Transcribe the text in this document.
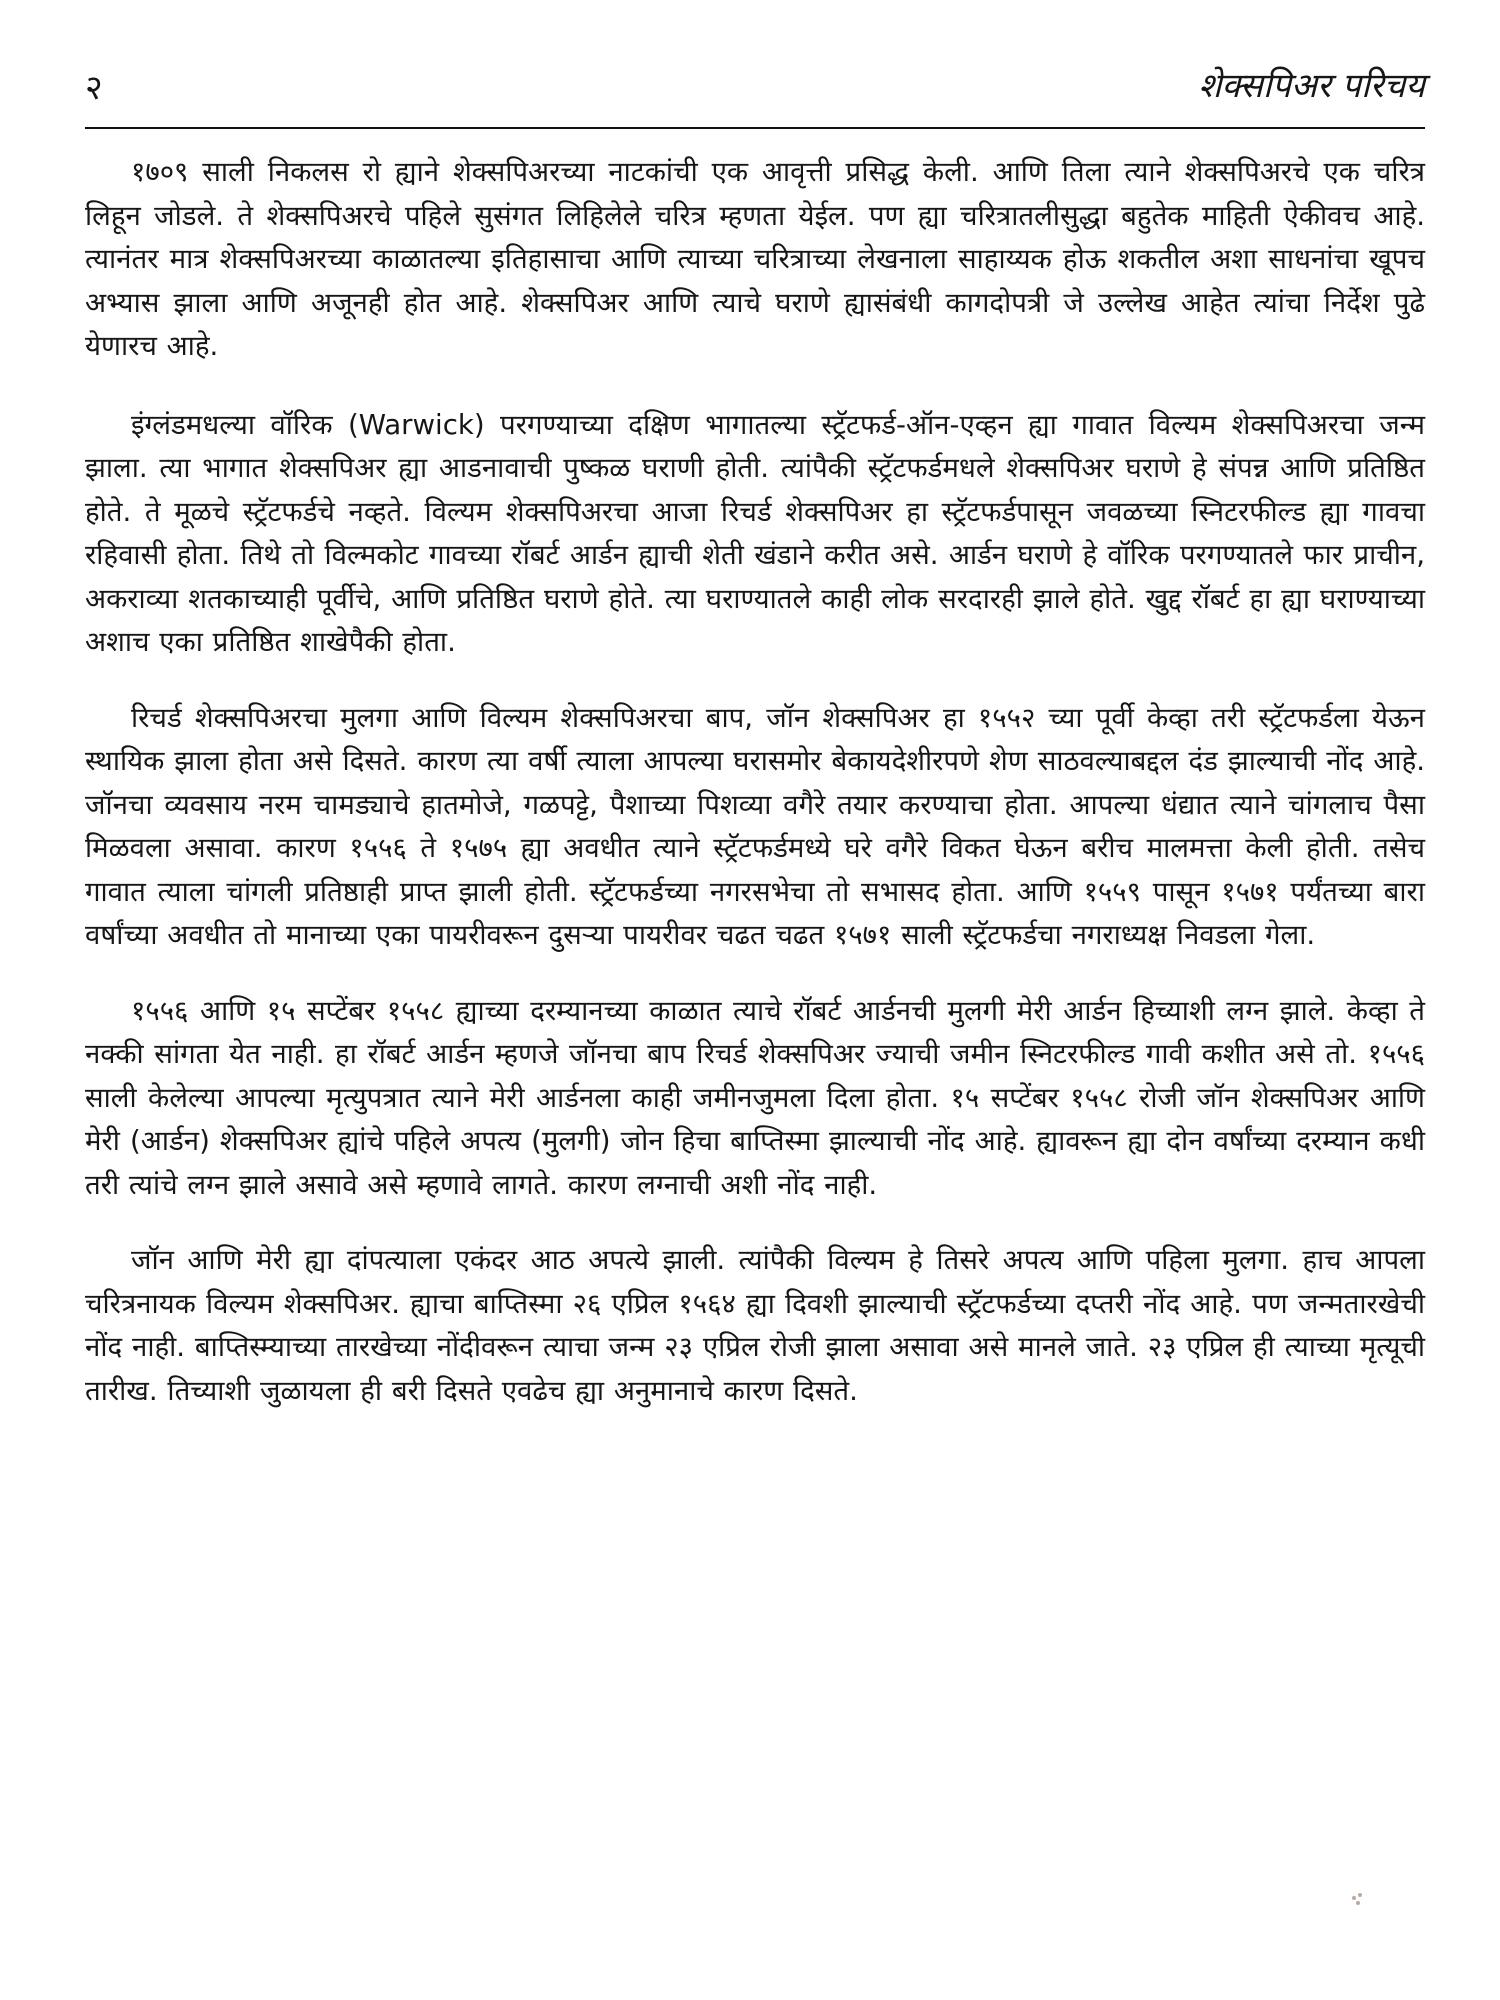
२	शेक्सपिअर परिचय

१७०९ साली निकलस रो ह्याने शेक्सपिअरच्या नाटकांची एक आवृत्ती प्रसिद्ध केली. आणि तिला त्याने शेक्सपिअरचे एक चरित्र लिहून जोडले. ते शेक्सपिअरचे पहिले सुसंगत लिहिलेले चरित्र म्हणता येईल. पण ह्या चरित्रातलीसुद्धा बहुतेक माहिती ऐकीवच आहे. त्यानंतर मात्र शेक्सपिअरच्या काळातल्या इतिहासाचा आणि त्याच्या चरित्राच्या लेखनाला साहाय्यक होऊ शकतील अशा साधनांचा खूपच अभ्यास झाला आणि अजूनही होत आहे. शेक्सपिअर आणि त्याचे घराणे ह्यासंबंधी कागदोपत्री जे उल्लेख आहेत त्यांचा निर्देश पुढे येणारच आहे.

इंग्लंडमधल्या वॉरिक (Warwick) परगण्याच्या दक्षिण भागातल्या स्ट्रॅटफर्ड-ऑन-एव्हन ह्या गावात विल्यम शेक्सपिअरचा जन्म झाला. त्या भागात शेक्सपिअर ह्या आडनावाची पुष्कळ घराणी होती. त्यांपैकी स्ट्रॅटफर्डमधले शेक्सपिअर घराणे हे संपन्न आणि प्रतिष्ठित होते. ते मूळचे स्ट्रॅटफर्डचे नव्हते. विल्यम शेक्सपिअरचा आजा रिचर्ड शेक्सपिअर हा स्ट्रॅटफर्डपासून जवळच्या स्निटरफील्ड ह्या गावचा रहिवासी होता. तिथे तो विल्मकोट गावच्या रॉबर्ट आर्डन ह्याची शेती खंडाने करीत असे. आर्डन घराणे हे वॉरिक परगण्यातले फार प्राचीन, अकराव्या शतकाच्याही पूर्वीचे, आणि प्रतिष्ठित घराणे होते. त्या घराण्यातले काही लोक सरदारही झाले होते. खुद्द रॉबर्ट हा ह्या घराण्याच्या अशाच एका प्रतिष्ठित शाखेपैकी होता.

रिचर्ड शेक्सपिअरचा मुलगा आणि विल्यम शेक्सपिअरचा बाप, जॉन शेक्सपिअर हा १५५२ च्या पूर्वी केव्हा तरी स्ट्रॅटफर्डला येऊन स्थायिक झाला होता असे दिसते. कारण त्या वर्षी त्याला आपल्या घरासमोर बेकायदेशीरपणे शेण साठवल्याबद्दल दंड झाल्याची नोंद आहे. जॉनचा व्यवसाय नरम चामड्याचे हातमोजे, गळपट्टे, पैशाच्या पिशव्या वगैरे तयार करण्याचा होता. आपल्या धंद्यात त्याने चांगलाच पैसा मिळवला असावा. कारण १५५६ ते १५७५ ह्या अवधीत त्याने स्ट्रॅटफर्डमध्ये घरे वगैरे विकत घेऊन बरीच मालमत्ता केली होती. तसेच गावात त्याला चांगली प्रतिष्ठाही प्राप्त झाली होती. स्ट्रॅटफर्डच्या नगरसभेचा तो सभासद होता. आणि १५५९ पासून १५७१ पर्यंतच्या बारा वर्षांच्या अवधीत तो मानाच्या एका पायरीवरून दुसऱ्या पायरीवर चढत चढत १५७१ साली स्ट्रॅटफर्डचा नगराध्यक्ष निवडला गेला.

१५५६ आणि १५ सप्टेंबर १५५८ ह्याच्या दरम्यानच्या काळात त्याचे रॉबर्ट आर्डनची मुलगी मेरी आर्डन हिच्याशी लग्न झाले. केव्हा ते नक्की सांगता येत नाही. हा रॉबर्ट आर्डन म्हणजे जॉनचा बाप रिचर्ड शेक्सपिअर ज्याची जमीन स्निटरफील्ड गावी कशीत असे तो. १५५६ साली केलेल्या आपल्या मृत्युपत्रात त्याने मेरी आर्डनला काही जमीनजुमला दिला होता. १५ सप्टेंबर १५५८ रोजी जॉन शेक्सपिअर आणि मेरी (आर्डन) शेक्सपिअर ह्यांचे पहिले अपत्य (मुलगी) जोन हिचा बाप्तिस्मा झाल्याची नोंद आहे. ह्यावरून ह्या दोन वर्षांच्या दरम्यान कधी तरी त्यांचे लग्न झाले असावे असे म्हणावे लागते. कारण लग्नाची अशी नोंद नाही.

जॉन आणि मेरी ह्या दांपत्याला एकंदर आठ अपत्ये झाली. त्यांपैकी विल्यम हे तिसरे अपत्य आणि पहिला मुलगा. हाच आपला चरित्रनायक विल्यम शेक्सपिअर. ह्याचा बाप्तिस्मा २६ एप्रिल १५६४ ह्या दिवशी झाल्याची स्ट्रॅटफर्डच्या दप्तरी नोंद आहे. पण जन्मतारखेची नोंद नाही. बाप्तिस्म्याच्या तारखेच्या नोंदीवरून त्याचा जन्म २३ एप्रिल रोजी झाला असावा असे मानले जाते. २३ एप्रिल ही त्याच्या मृत्यूची तारीख. तिच्याशी जुळायला ही बरी दिसते एवढेच ह्या अनुमानाचे कारण दिसते.
